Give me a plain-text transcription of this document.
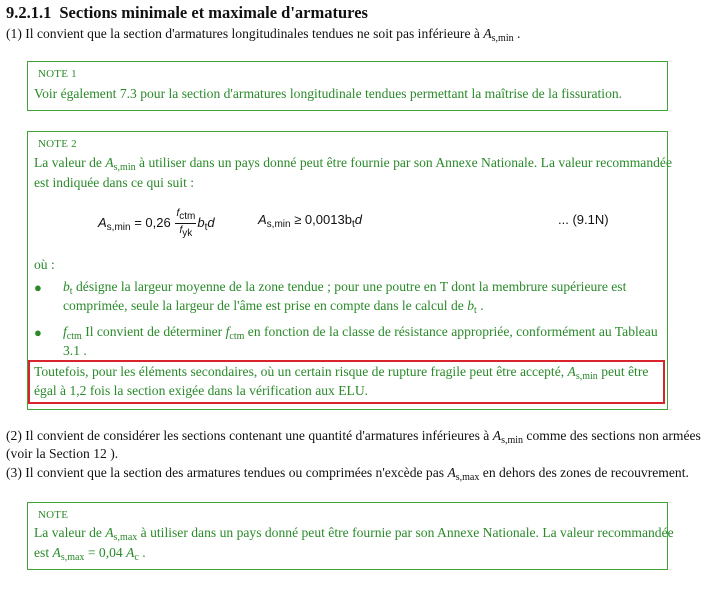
9.2.1.1 Sections minimale et maximale d'armatures
(1) Il convient que la section d'armatures longitudinales tendues ne soit pas inférieure à $A_{s,min}$ .
NOTE 1
Voir également 7.3 pour la section d'armatures longitudinale tendues permettant la maîtrise de la fissuration.
NOTE 2
La valeur de $A_{s,min}$ à utiliser dans un pays donné peut être fournie par son Annexe Nationale. La valeur recommandée
est indiquée dans ce qui suit :
$A_{s,min} = 0,26 \frac{\text{fctm}}{\text{fyk}} b_td$	$A_{s,min} \ge 0,0013b_td$	... (9.1N)
où :
● $b_t$ désigne la largeur moyenne de la zone tendue ; pour une poutre en T dont la membrure supérieure est
comprimée, seule la largeur de l'âme est prise en compte dans le calcul de $b_t$ .
● $f_{ctm}$ Il convient de déterminer $f_{ctm}$ en fonction de la classe de résistance appropriée, conformément au Tableau
3.1 .
Toutefois, pour les éléments secondaires, où un certain risque de rupture fragile peut être accepté, $A_{s,min}$ peut être
égal à 1,2 fois la section exigée dans la vérification aux ELU.
(2) Il convient de considérer les sections contenant une quantité d'armatures inférieures à $A_{s,min}$ comme des sections non armées
(voir la Section 12 ).
(3) Il convient que la section des armatures tendues ou comprimées n'excède pas $A_{s,max}$ en dehors des zones de recouvrement.
NOTE
La valeur de $A_{s,max}$ à utiliser dans un pays donné peut être fournie par son Annexe Nationale. La valeur recommandée
est $A_{s,max} = 0,04$ $A_c$ .
